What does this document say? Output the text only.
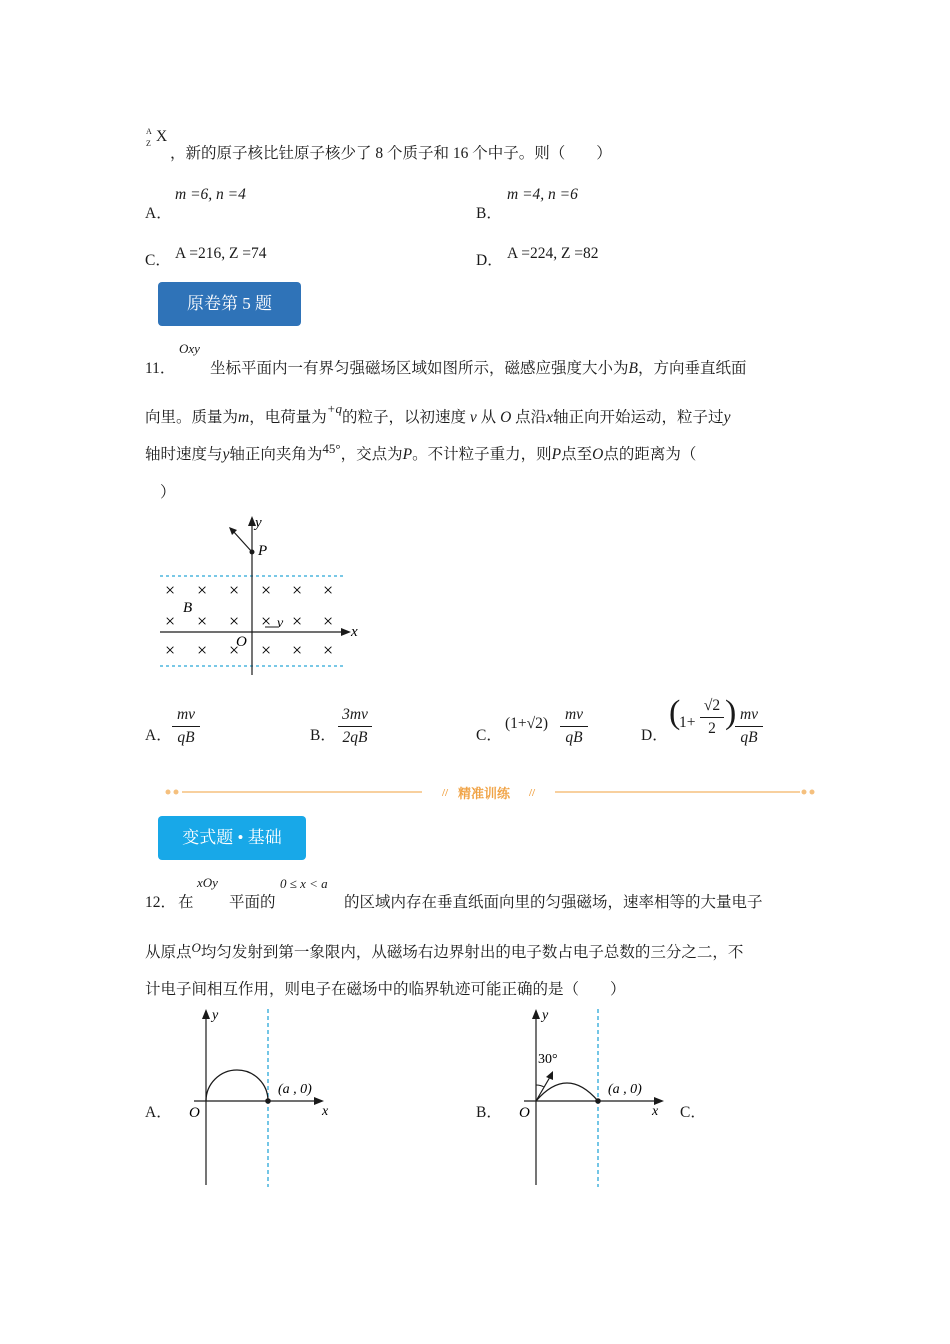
A
Z X
，新的原子核比钍原子核少了 8 个质子和 16 个中子。则（　　）
A．
m =6, n =4
B．
m =4, n =6
C． A =216, Z =74	D． A =224, Z =82
原卷第 5 题
11．
Oxy
坐标平面内一有界匀强磁场区域如图所示，磁感应强度大小为B，方向垂直纸面
向里。质量为m，电荷量为$^{+q}$的粒子，以初速度 v 从 O 点沿x轴正向开始运动，粒子过y
轴时速度与y轴正向夹角为$^{45^\circ}$，交点为P。不计粒子重力，则P点至O点的距离为（
）
y
P
B
O
v
x
× × × × × ×
× × × × × ×
× × × × × ×
A．
mv
qB	B．
3mv
2qB	C．
(1+√2)
mv
qB	D．
(
1+
√2
2 ) mv
qB
//	//
精准训练
变式题 • 基础
12． 在
xOy
平面的
0 ≤ x < a
的区域内存在垂直纸面向里的匀强磁场，速率相等的大量电子
从原点$^O$均匀发射到第一象限内，从磁场右边界射出的电子数占电子总数的三分之二，不
计电子间相互作用，则电子在磁场中的临界轨迹可能正确的是（　　）
A．
y
O	x
(a , 0)
B．
y
30°
O	x
(a , 0)
C．
